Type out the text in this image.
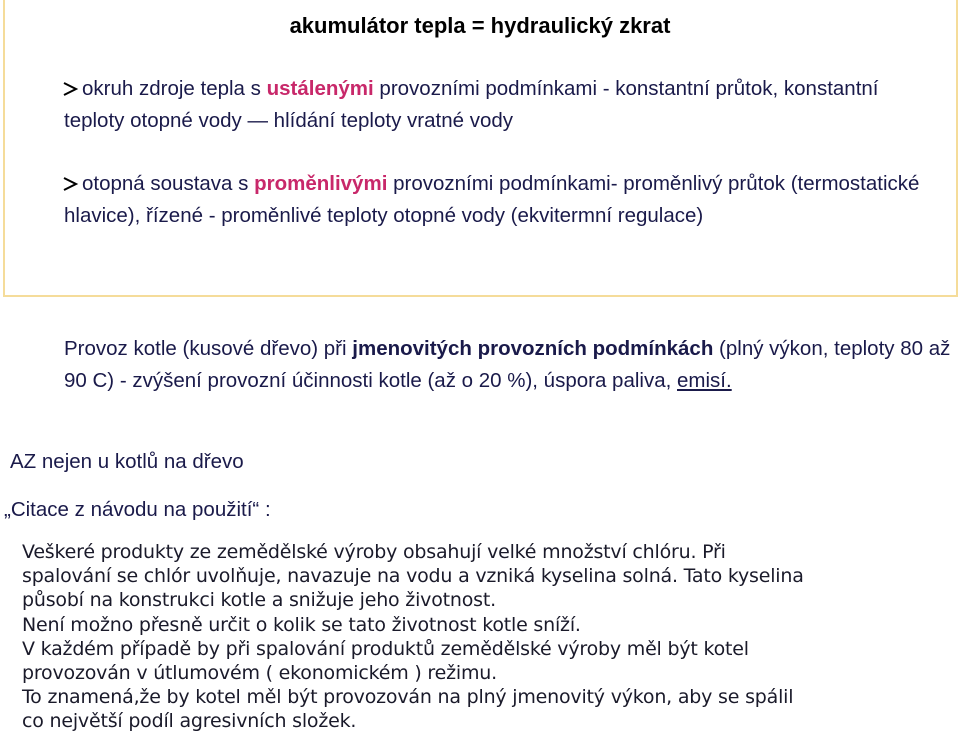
akumulátor tepla = hydraulický zkrat

okruh zdroje tepla s ustálenými provozními podmínkami - konstantní průtok, konstantní teploty otopné vody — hlídání teploty vratné vody

otopná soustava s proměnlivými provozními podmínkami- proměnlivý průtok (termostatické hlavice), řízené - proměnlivé teploty otopné vody (ekvitermní regulace)

Provoz kotle (kusové dřevo) při jmenovitých provozních podmínkách (plný výkon, teploty 80 až 90 C) - zvýšení provozní účinnosti kotle (až o 20 %), úspora paliva, emisí.

AZ nejen u kotlů na dřevo

„Citace z návodu na použití“ :

Veškeré produkty ze zemědělské výroby obsahují velké množství chlóru. Při
spalování se chlór uvolňuje, navazuje na vodu a vzniká kyselina solná. Tato kyselina
působí na konstrukci kotle a snižuje jeho životnost.
Není možno přesně určit o kolik se tato životnost kotle sníží.
V každém případě by při spalování produktů zemědělské výroby měl být kotel
provozován v útlumovém ( ekonomickém ) režimu.
To znamená,že by kotel měl být provozován na plný jmenovitý výkon, aby se spálil
co největší podíl agresivních složek.
